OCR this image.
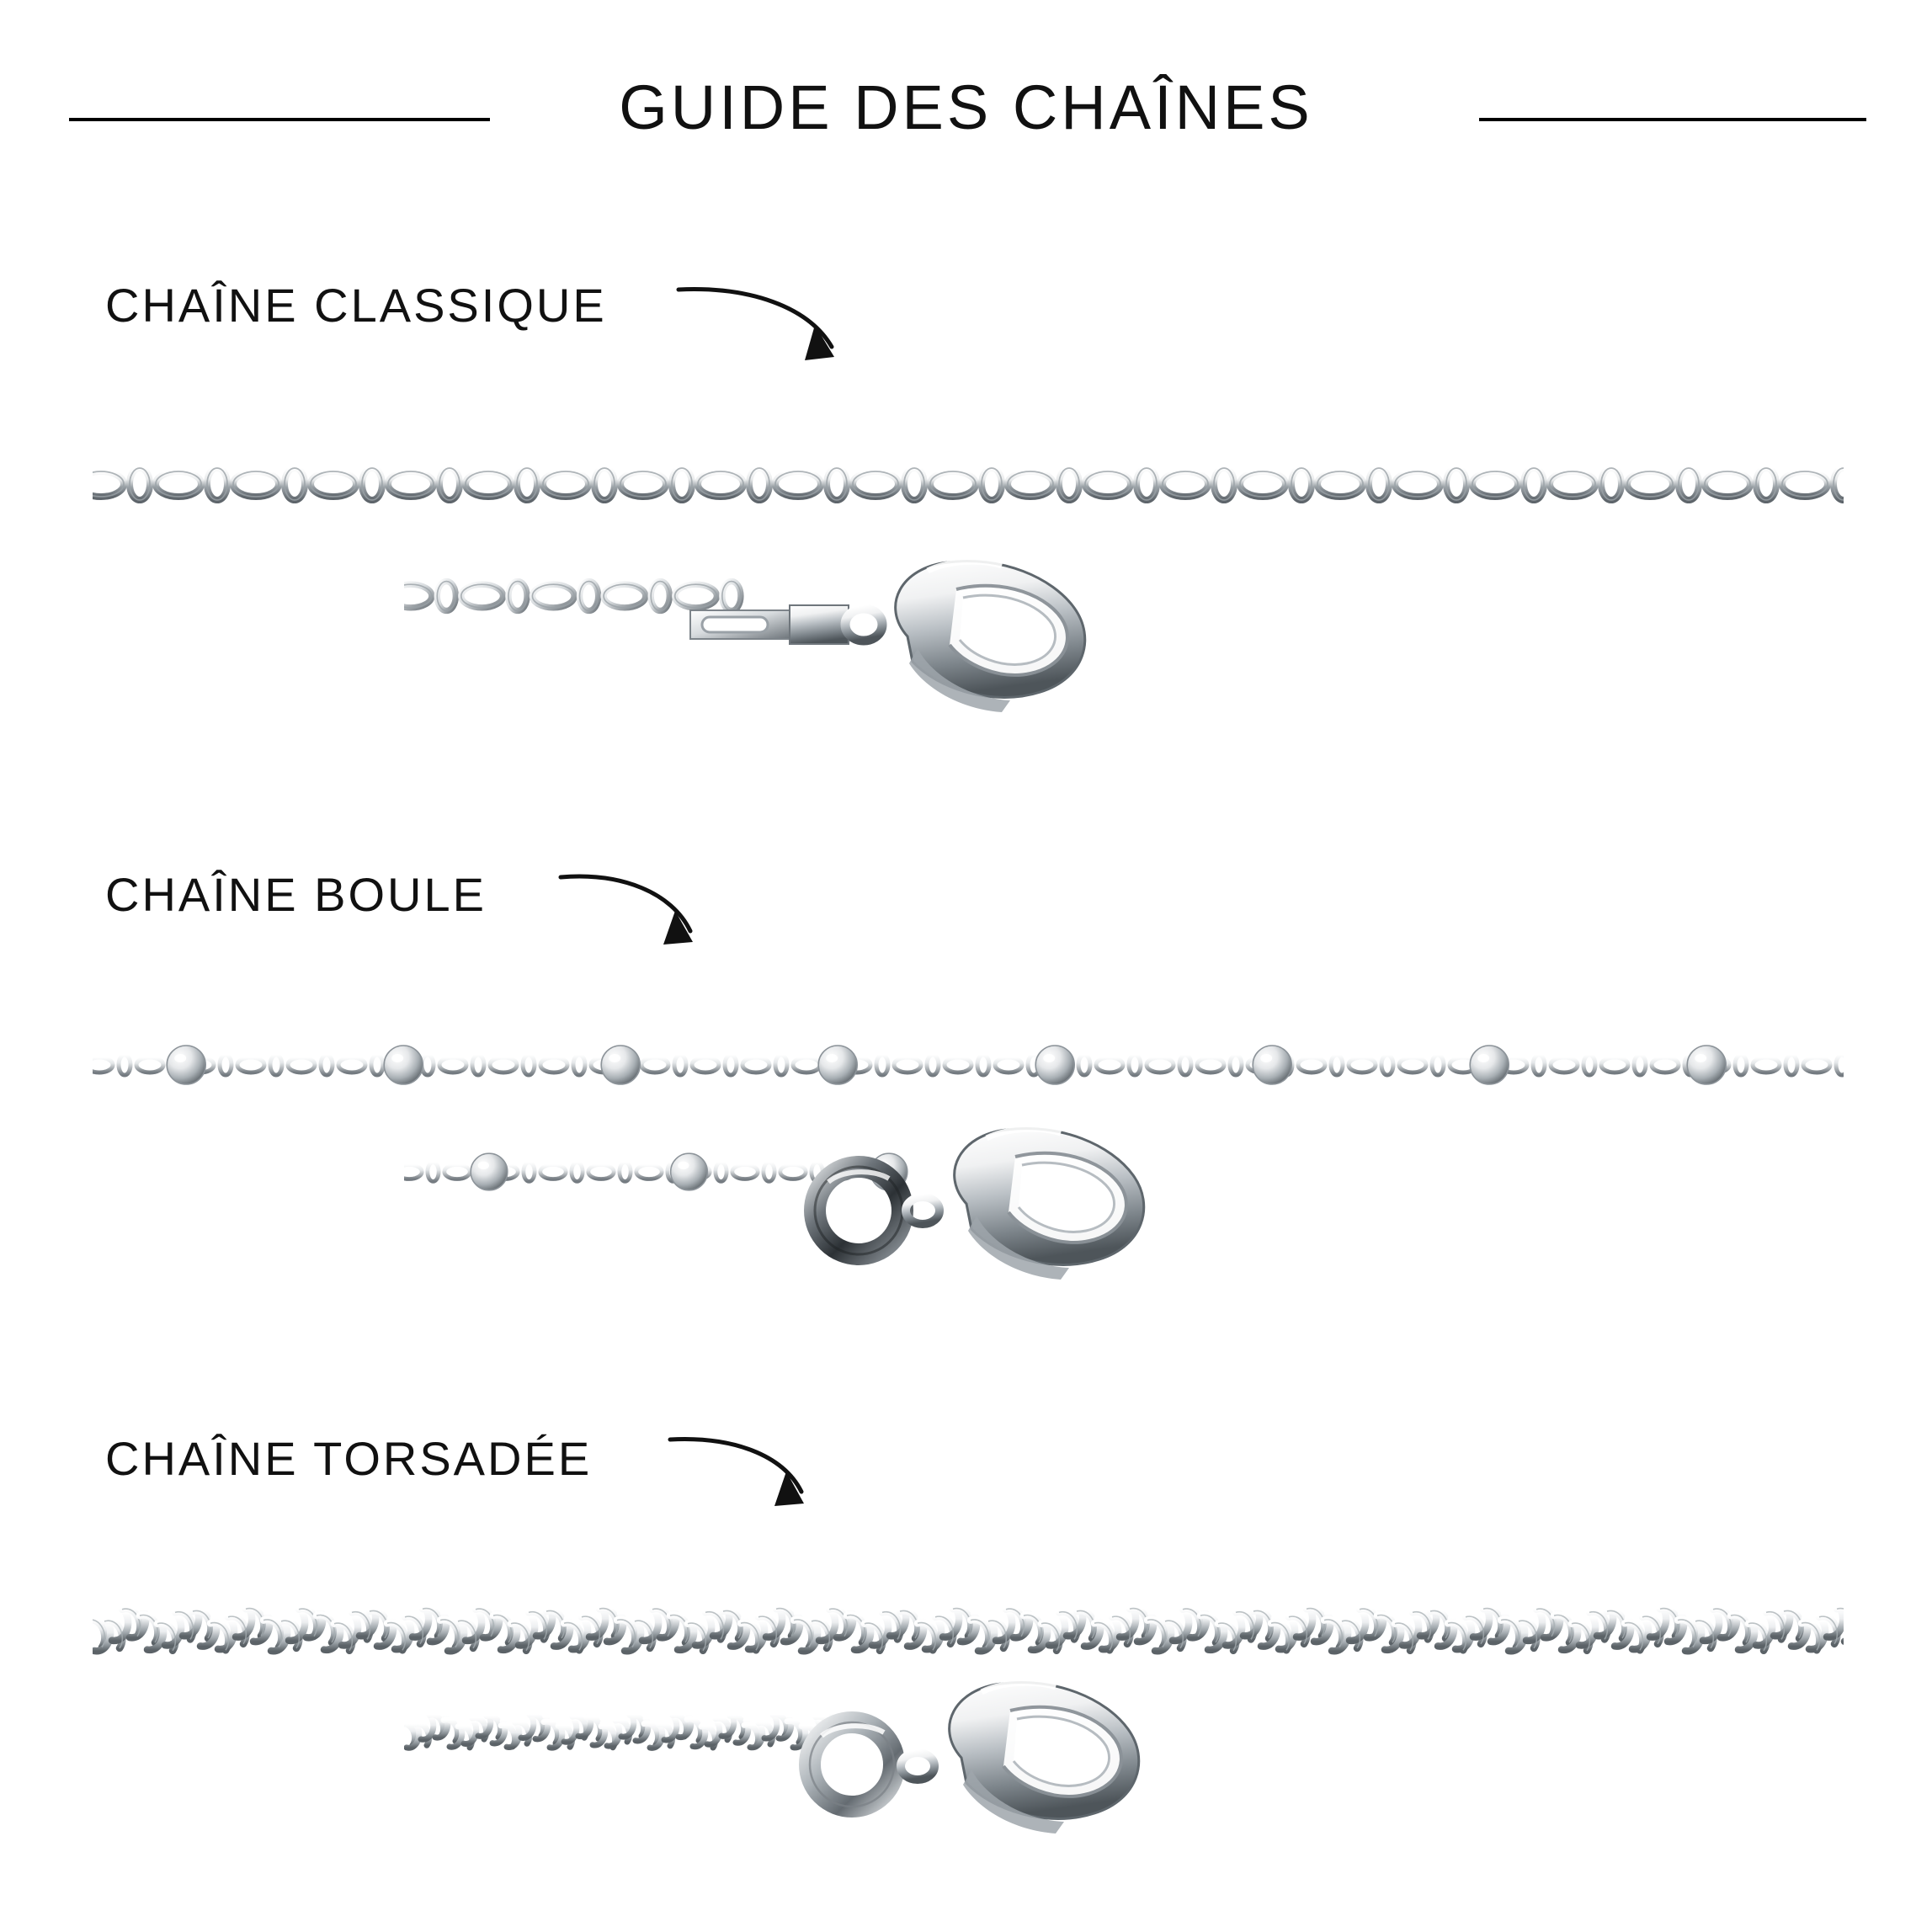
GUIDE DES CHAÎNES
CHAÎNE CLASSIQUE
CHAÎNE BOULE
CHAÎNE TORSADÉE
